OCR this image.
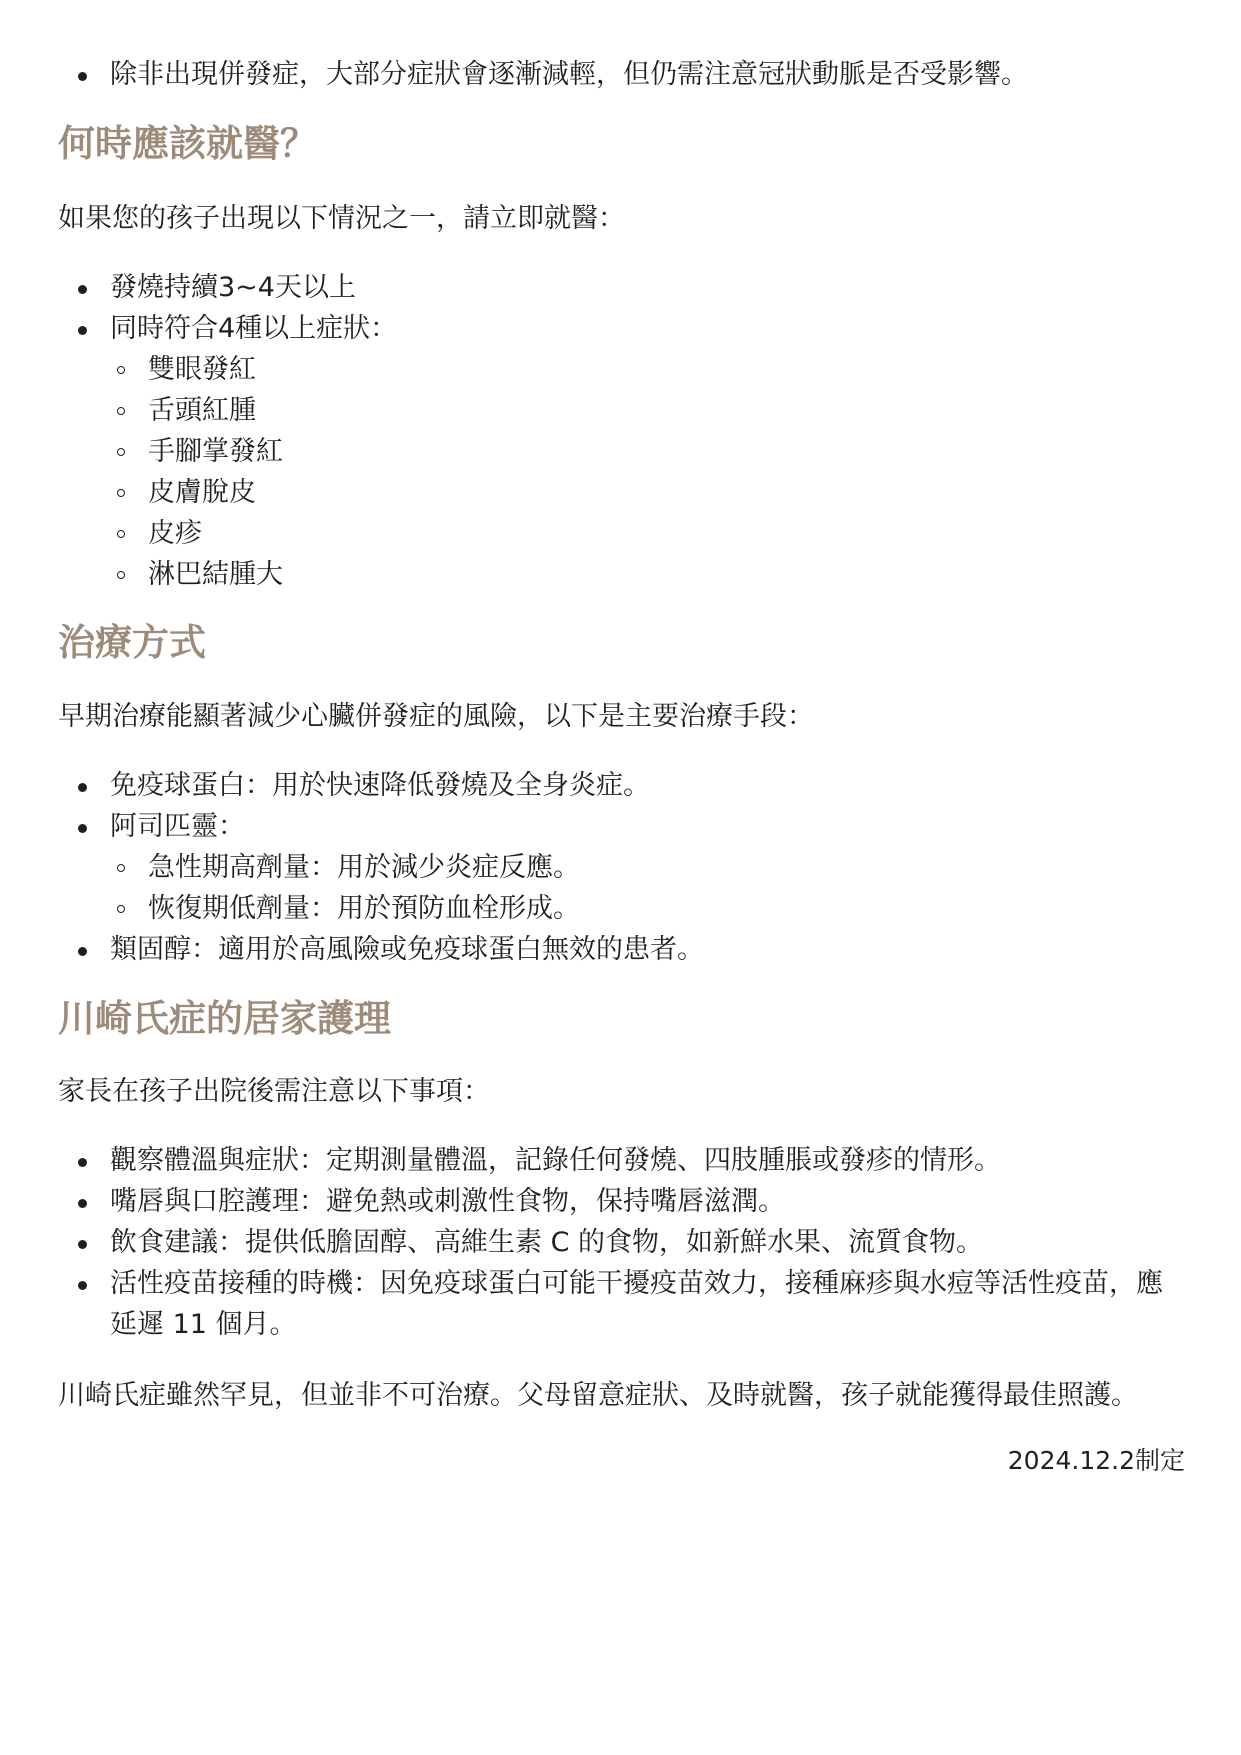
除非出現併發症，大部分症狀會逐漸減輕，但仍需注意冠狀動脈是否受影響。
何時應該就醫？

如果您的孩子出現以下情況之一，請立即就醫：

發燒持續3~4天以上
同時符合4種以上症狀：
雙眼發紅
舌頭紅腫
手腳掌發紅
皮膚脫皮
皮疹
淋巴結腫大
治療方式

早期治療能顯著減少心臟併發症的風險，以下是主要治療手段：

免疫球蛋白：用於快速降低發燒及全身炎症。
阿司匹靈：
急性期高劑量：用於減少炎症反應。
恢復期低劑量：用於預防血栓形成。
類固醇：適用於高風險或免疫球蛋白無效的患者。
川崎氏症的居家護理

家長在孩子出院後需注意以下事項：

觀察體溫與症狀：定期測量體溫，記錄任何發燒、四肢腫脹或發疹的情形。
嘴唇與口腔護理：避免熱或刺激性食物，保持嘴唇滋潤。
飲食建議：提供低膽固醇、高維生素 C 的食物，如新鮮水果、流質食物。
活性疫苗接種的時機：因免疫球蛋白可能干擾疫苗效力，接種麻疹與水痘等活性疫苗，應延遲 11 個月。

川崎氏症雖然罕見，但並非不可治療。父母留意症狀、及時就醫，孩子就能獲得最佳照護。

2024.12.2制定
